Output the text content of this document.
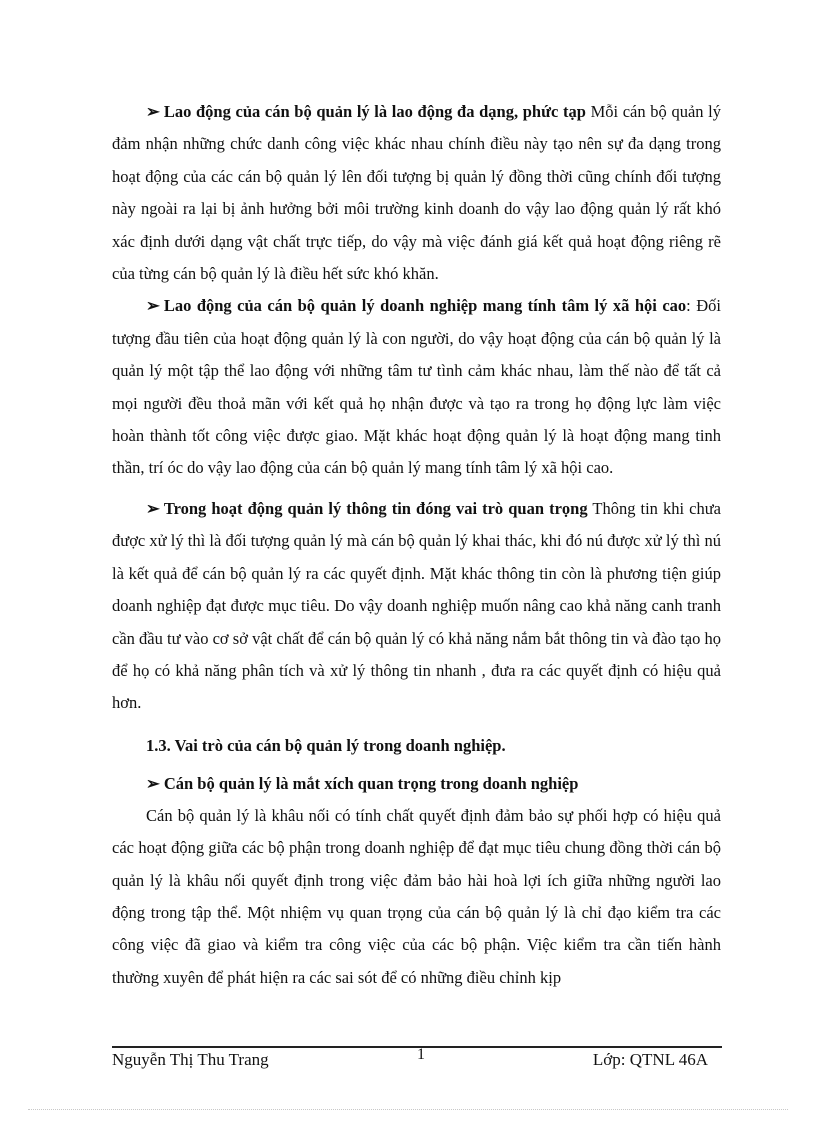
➢ Lao động của cán bộ quản lý là lao động đa dạng, phức tạp Mỗi cán bộ quản lý đảm nhận những chức danh công việc khác nhau chính điều này tạo nên sự đa dạng trong hoạt động của các cán bộ quản lý lên đối tượng bị quản lý đồng thời cũng chính đối tượng này ngoài ra lại bị ảnh hưởng bởi môi trường kinh doanh do vậy lao động quản lý rất khó xác định dưới dạng vật chất trực tiếp, do vậy mà việc đánh giá kết quả hoạt động riêng rẽ của từng cán bộ quản lý là điều hết sức khó khăn.

➢ Lao động của cán bộ quản lý doanh nghiệp mang tính tâm lý xã hội cao: Đối tượng đầu tiên của hoạt động quản lý là con người, do vậy hoạt động của cán bộ quản lý là quản lý một tập thể lao động với những tâm tư tình cảm khác nhau, làm thế nào để tất cả mọi người đều thoả mãn với kết quả họ nhận được và tạo ra trong họ động lực làm việc hoàn thành tốt công việc được giao. Mặt khác hoạt động quản lý là hoạt động mang tinh thần, trí óc do vậy lao động của cán bộ quản lý mang tính tâm lý xã hội cao.

➢ Trong hoạt động quản lý thông tin đóng vai trò quan trọng Thông tin khi chưa được xử lý thì là đối tượng quản lý mà cán bộ quản lý khai thác, khi đó nú được xử lý thì nú là kết quả để cán bộ quản lý ra các quyết định. Mặt khác thông tin còn là phương tiện giúp doanh nghiệp đạt được mục tiêu. Do vậy doanh nghiệp muốn nâng cao khả năng canh tranh cần đầu tư vào cơ sở vật chất để cán bộ quản lý có khả năng nắm bắt thông tin và đào tạo họ để họ có khả năng phân tích và xử lý thông tin nhanh , đưa ra các quyết định có hiệu quả hơn.

1.3. Vai trò của cán bộ quản lý trong doanh nghiệp.

➢ Cán bộ quản lý là mắt xích quan trọng trong doanh nghiệp

Cán bộ quản lý là khâu nối có tính chất quyết định đảm bảo sự phối hợp có hiệu quả các hoạt động giữa các bộ phận trong doanh nghiệp để đạt mục tiêu chung đồng thời cán bộ quản lý là khâu nối quyết định trong việc đảm bảo hài hoà lợi ích giữa những người lao động trong tập thể. Một nhiệm vụ quan trọng của cán bộ quản lý là chỉ đạo kiểm tra các công việc đã giao và kiểm tra công việc của các bộ phận. Việc kiểm tra cần tiến hành thường xuyên để phát hiện ra các sai sót để có những điều chỉnh kịp

Nguyễn Thị Thu Trang	1	Lớp: QTNL 46A
